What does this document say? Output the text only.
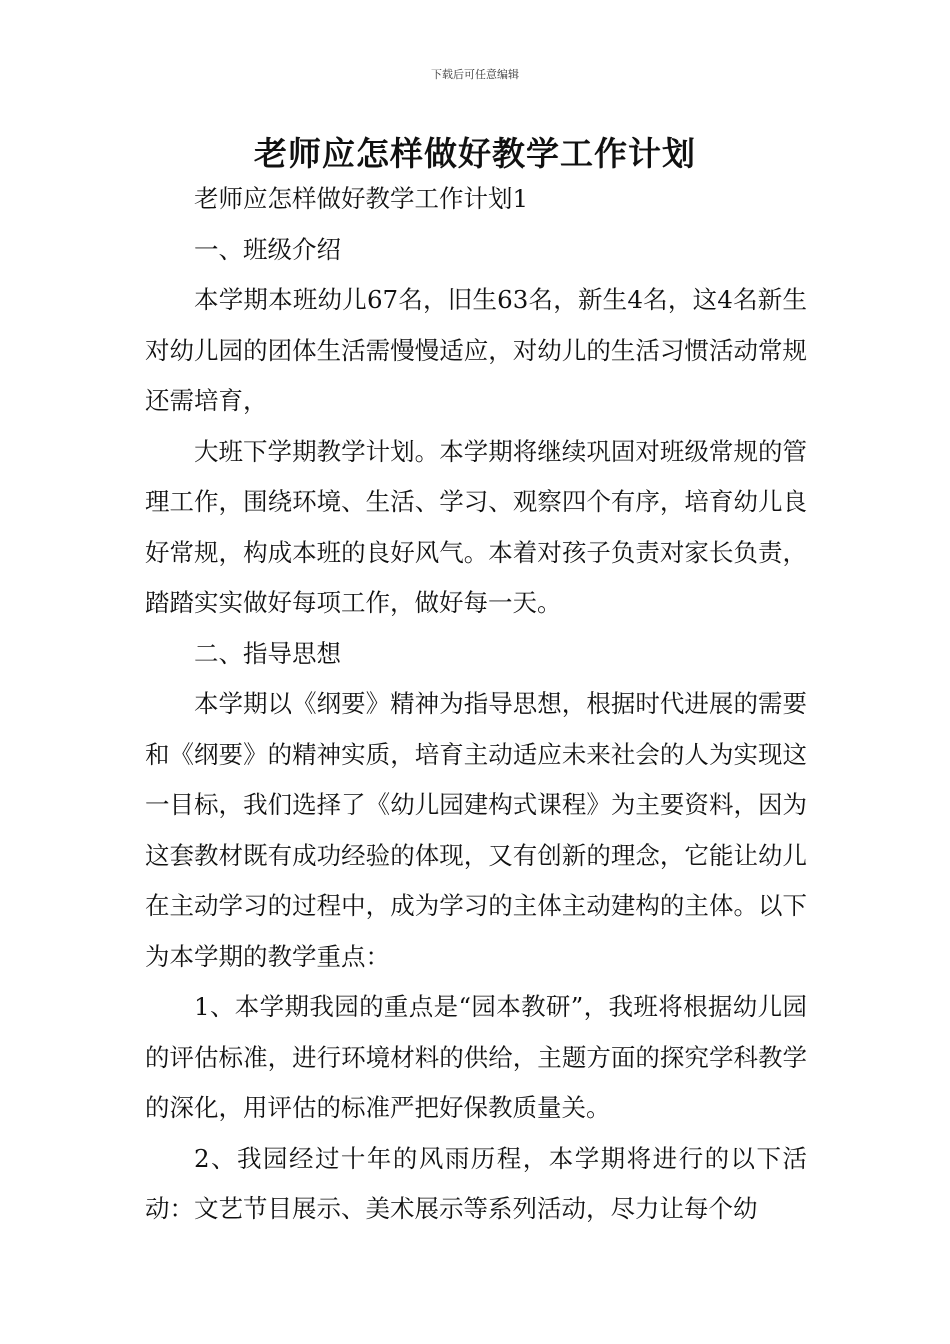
下载后可任意编辑
老师应怎样做好教学工作计划

老师应怎样做好教学工作计划1

一、班级介绍

本学期本班幼儿67名，旧生63名，新生4名，这4名新生对幼儿园的团体生活需慢慢适应，对幼儿的生活习惯活动常规还需培育，

大班下学期教学计划。本学期将继续巩固对班级常规的管理工作，围绕环境、生活、学习、观察四个有序，培育幼儿良好常规，构成本班的良好风气。本着对孩子负责对家长负责，踏踏实实做好每项工作，做好每一天。

二、指导思想

本学期以《纲要》精神为指导思想，根据时代进展的需要和《纲要》的精神实质，培育主动适应未来社会的人为实现这一目标，我们选择了《幼儿园建构式课程》为主要资料，因为这套教材既有成功经验的体现，又有创新的理念，它能让幼儿在主动学习的过程中，成为学习的主体主动建构的主体。以下为本学期的教学重点：

1、本学期我园的重点是“园本教研”，我班将根据幼儿园的评估标准，进行环境材料的供给，主题方面的探究学科教学的深化，用评估的标准严把好保教质量关。

2、我园经过十年的风雨历程，本学期将进行的以下活动：文艺节目展示、美术展示等系列活动，尽力让每个幼
